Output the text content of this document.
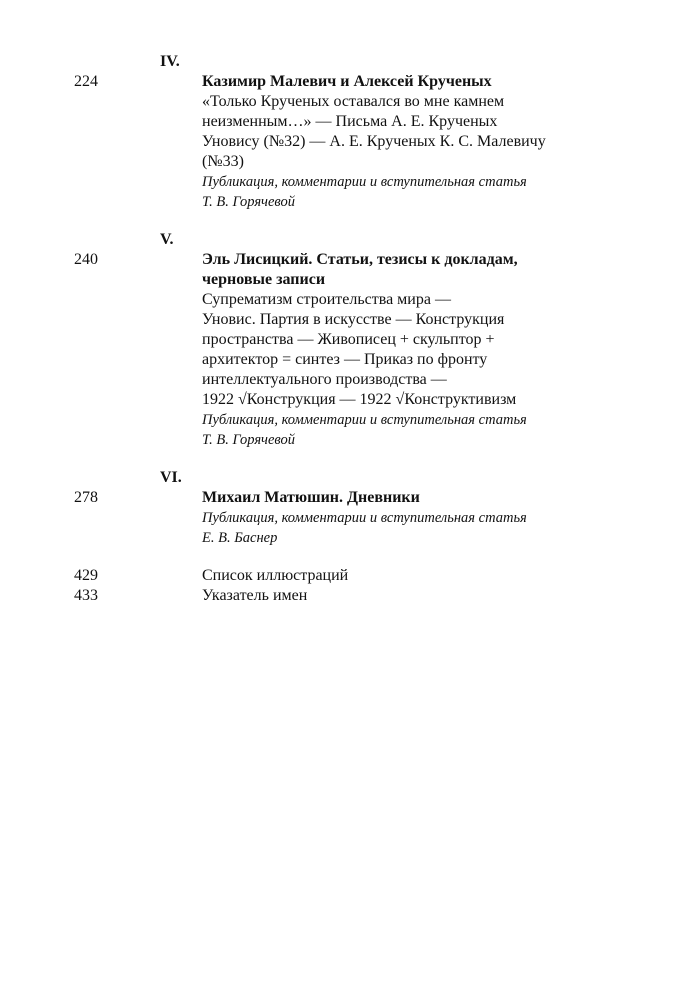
IV.

224	Казимир Малевич и Алексей Крученых

«Только Крученых оставался во мне камнем
неизменным…» — Письма А. Е. Крученых
Уновису (№32) — А. Е. Крученых К. С. Малевичу
(№33)

Публикация, комментарии и вступительная статья
Т. В. Горячевой

V.

240	Эль Лисицкий. Статьи, тезисы к докладам,
черновые записи

Супрематизм строительства мира —
Уновис. Партия в искусстве — Конструкция
пространства — Живописец + скульптор +
архитектор = синтез — Приказ по фронту
интеллектуального производства —
1922 √Конструкция — 1922 √Конструктивизм

Публикация, комментарии и вступительная статья
Т. В. Горячевой

VI.

278	Михаил Матюшин. Дневники

Публикация, комментарии и вступительная статья
Е. В. Баснер

429	Список иллюстраций

433	Указатель имен
